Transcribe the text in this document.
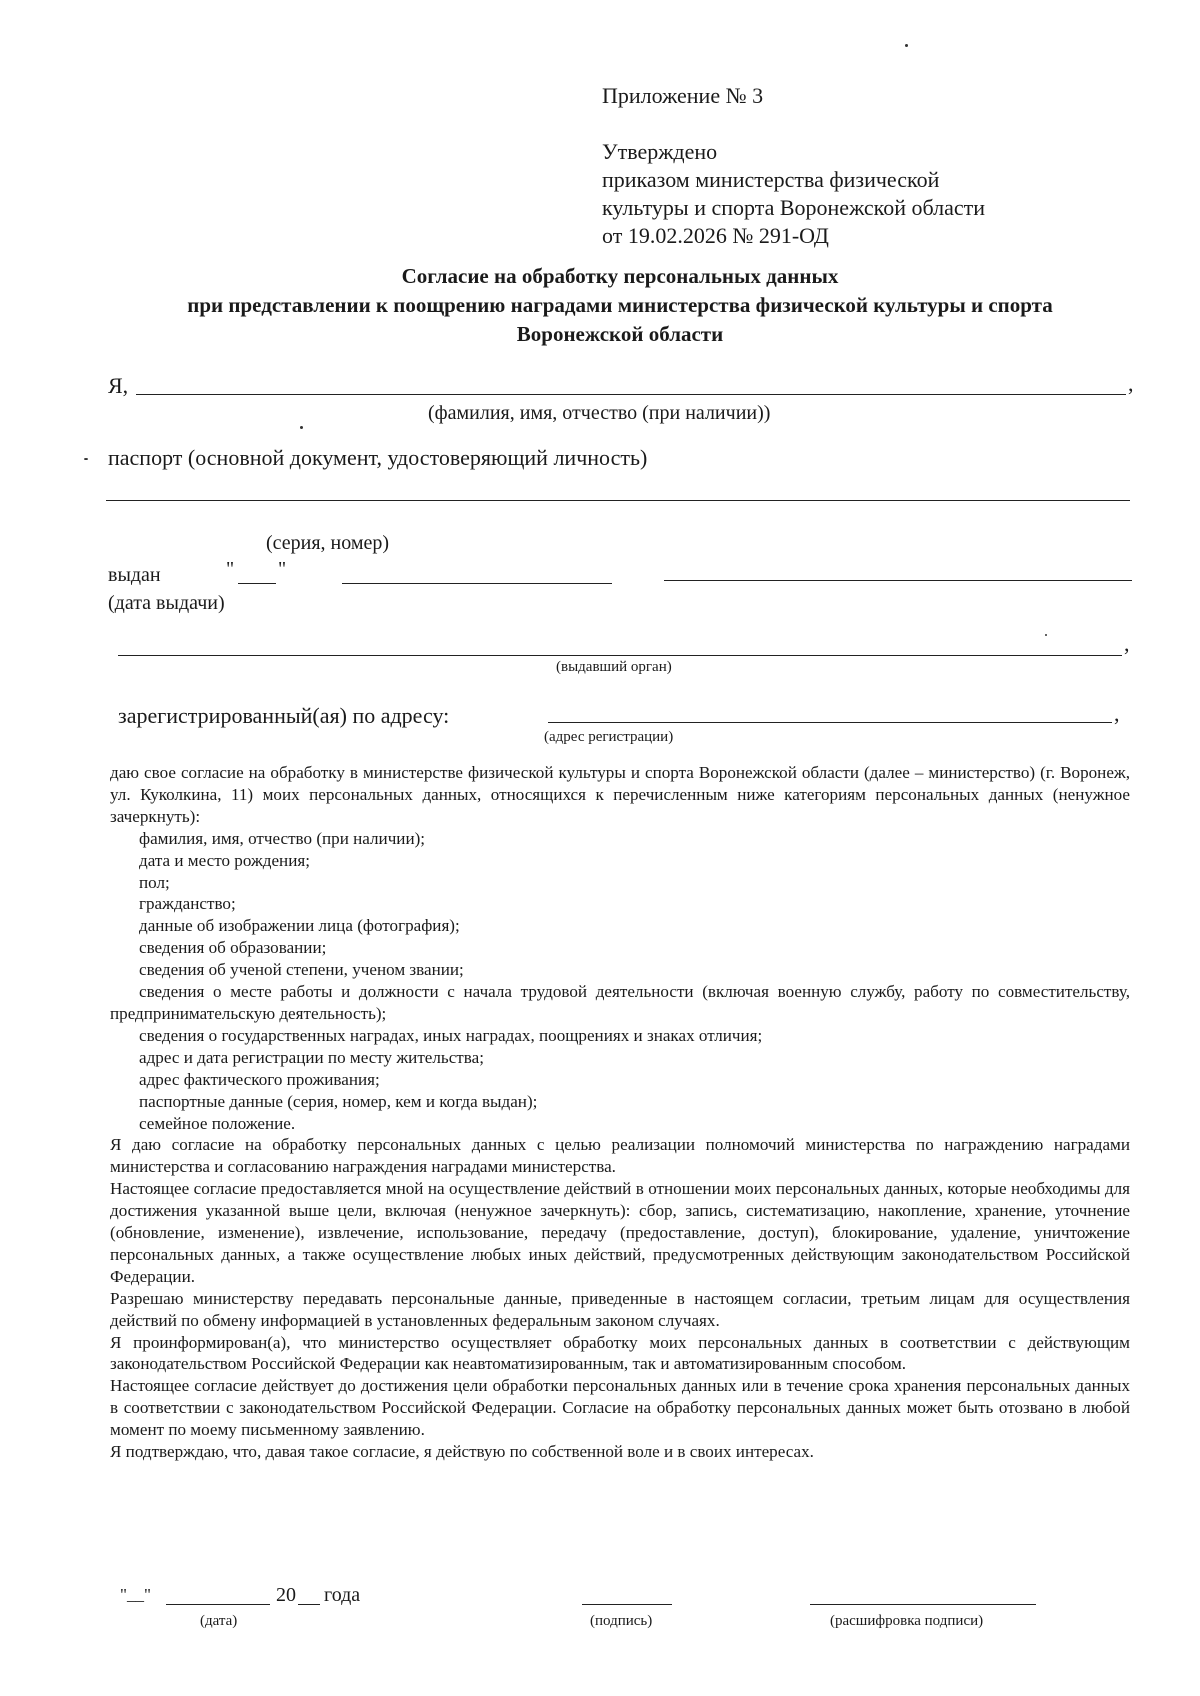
Приложение № 3
Утверждено
приказом министерства физической
культуры и спорта Воронежской области
от 19.02.2026 № 291-ОД
Согласие на обработку персональных данных
при представлении к поощрению наградами министерства физической культуры и спорта
Воронежской области
Я,	,
(фамилия, имя, отчество (при наличии))
паспорт (основной документ, удостоверяющий личность)
(серия, номер)
выдан	" "
(дата выдачи)
,
(выдавший орган)
зарегистрированный(ая) по адресу:	,
(адрес регистрации)

даю свое согласие на обработку в министерстве физической культуры и спорта Воронежской области (далее – министерство) (г. Воронеж, ул. Куколкина, 11) моих персональных данных, относящихся к перечисленным ниже категориям персональных данных (ненужное зачеркнуть):

фамилия, имя, отчество (при наличии);

дата и место рождения;

пол;

гражданство;

данные об изображении лица (фотография);

сведения об образовании;

сведения об ученой степени, ученом звании;

сведения о месте работы и должности с начала трудовой деятельности (включая военную службу, работу по совместительству, предпринимательскую деятельность);

сведения о государственных наградах, иных наградах, поощрениях и знаках отличия;

адрес и дата регистрации по месту жительства;

адрес фактического проживания;

паспортные данные (серия, номер, кем и когда выдан);

семейное положение.

Я даю согласие на обработку персональных данных с целью реализации полномочий министерства по награждению наградами министерства и согласованию награждения наградами министерства.

Настоящее согласие предоставляется мной на осуществление действий в отношении моих персональных данных, которые необходимы для достижения указанной выше цели, включая (ненужное зачеркнуть): сбор, запись, систематизацию, накопление, хранение, уточнение (обновление, изменение), извлечение, использование, передачу (предоставление, доступ), блокирование, удаление, уничтожение персональных данных, а также осуществление любых иных действий, предусмотренных действующим законодательством Российской Федерации.

Разрешаю министерству передавать персональные данные, приведенные в настоящем согласии, третьим лицам для осуществления действий по обмену информацией в установленных федеральным законом случаях.

Я проинформирован(а), что министерство осуществляет обработку моих персональных данных в соответствии с действующим законодательством Российской Федерации как неавтоматизированным, так и автоматизированным способом.

Настоящее согласие действует до достижения цели обработки персональных данных или в течение срока хранения персональных данных в соответствии с законодательством Российской Федерации. Согласие на обработку персональных данных может быть отозвано в любой момент по моему письменному заявлению.

Я подтверждаю, что, давая такое согласие, я действую по собственной воле и в своих интересах.

"__"	20 года
(дата)	(подпись)	(расшифровка подписи)
